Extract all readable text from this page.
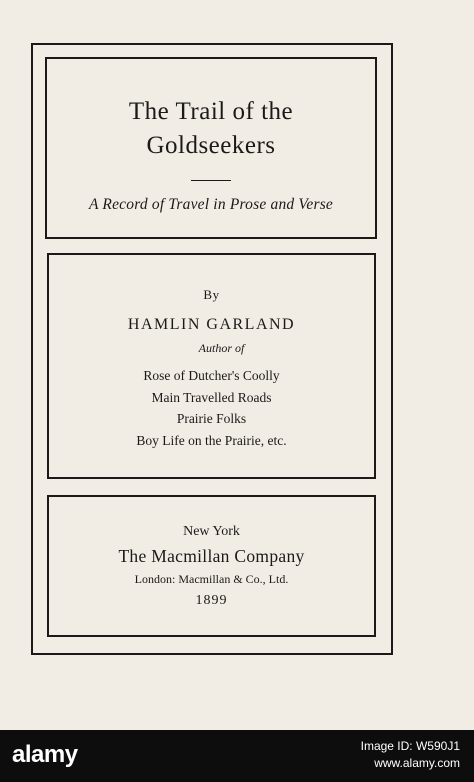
The Trail of the
Goldseekers
A Record of Travel in Prose and Verse
By
HAMLIN GARLAND
Author of
Rose of Dutcher's Coolly
Main Travelled Roads
Prairie Folks
Boy Life on the Prairie, etc.
New York
The Macmillan Company
London: Macmillan & Co., Ltd.
1899
alamy	Image ID: W590J1
www.alamy.com
